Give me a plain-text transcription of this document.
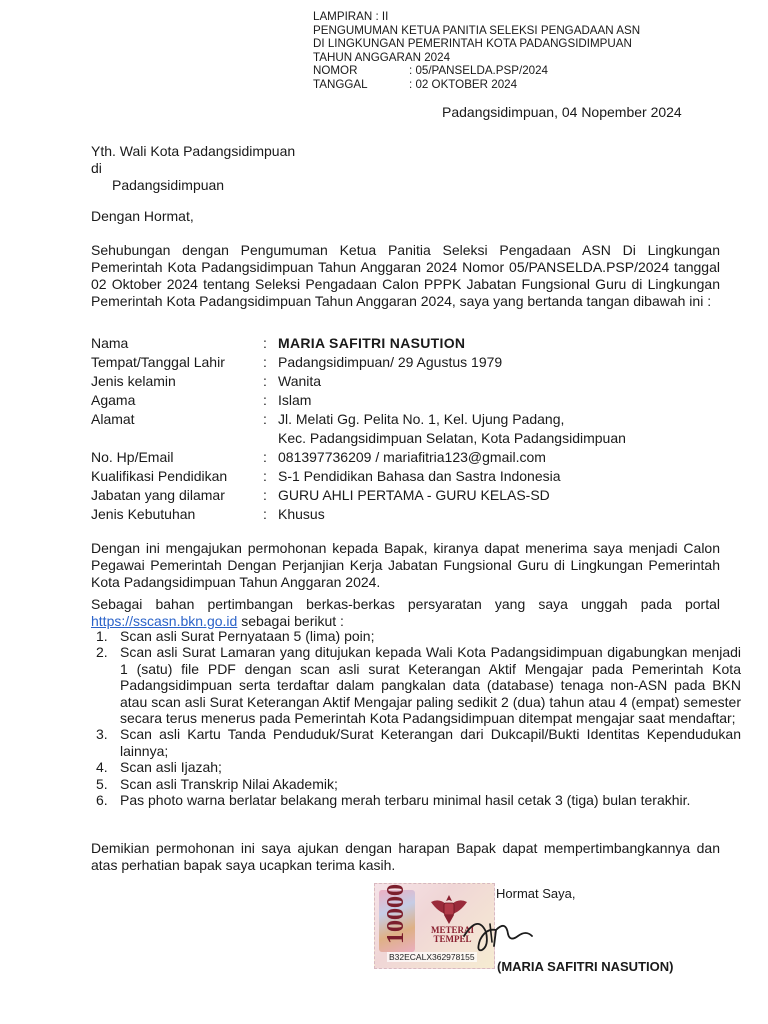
LAMPIRAN : II
PENGUMUMAN KETUA PANITIA SELEKSI PENGADAAN ASN
DI LINGKUNGAN PEMERINTAH KOTA PADANGSIDIMPUAN
TAHUN ANGGARAN 2024
NOMOR	: 05/PANSELDA.PSP/2024
TANGGAL	: 02 OKTOBER 2024
Padangsidimpuan, 04 Nopember 2024
Yth. Wali Kota Padangsidimpuan
di
Padangsidimpuan
Dengan Hormat,
Sehubungan dengan Pengumuman Ketua Panitia Seleksi Pengadaan ASN Di Lingkungan Pemerintah Kota Padangsidimpuan Tahun Anggaran 2024 Nomor 05/PANSELDA.PSP/2024 tanggal 02 Oktober 2024 tentang Seleksi Pengadaan Calon PPPK Jabatan Fungsional Guru di Lingkungan Pemerintah Kota Padangsidimpuan Tahun Anggaran 2024, saya yang bertanda tangan dibawah ini :
Nama	: MARIA SAFITRI NASUTION
Tempat/Tanggal Lahir	: Padangsidimpuan/ 29 Agustus 1979
Jenis kelamin	: Wanita
Agama	: Islam
Alamat	: Jl. Melati Gg. Pelita No. 1, Kel. Ujung Padang,
Kec. Padangsidimpuan Selatan, Kota Padangsidimpuan
No. Hp/Email	: 081397736209 / mariafitria123@gmail.com
Kualifikasi Pendidikan	: S-1 Pendidikan Bahasa dan Sastra Indonesia
Jabatan yang dilamar	: GURU AHLI PERTAMA - GURU KELAS-SD
Jenis Kebutuhan	: Khusus
Dengan ini mengajukan permohonan kepada Bapak, kiranya dapat menerima saya menjadi Calon Pegawai Pemerintah Dengan Perjanjian Kerja Jabatan Fungsional Guru di Lingkungan Pemerintah Kota Padangsidimpuan Tahun Anggaran 2024.
Sebagai bahan pertimbangan berkas-berkas persyaratan yang saya unggah pada portal https://sscasn.bkn.go.id sebagai berikut :
1. Scan asli Surat Pernyataan 5 (lima) poin;
2. Scan asli Surat Lamaran yang ditujukan kepada Wali Kota Padangsidimpuan digabungkan menjadi 1 (satu) file PDF dengan scan asli surat Keterangan Aktif Mengajar pada Pemerintah Kota Padangsidimpuan serta terdaftar dalam pangkalan data (database) tenaga non-ASN pada BKN atau scan asli Surat Keterangan Aktif Mengajar paling sedikit 2 (dua) tahun atau 4 (empat) semester secara terus menerus pada Pemerintah Kota Padangsidimpuan ditempat mengajar saat mendaftar;
3. Scan asli Kartu Tanda Penduduk/Surat Keterangan dari Dukcapil/Bukti Identitas Kependudukan lainnya;
4. Scan asli Ijazah;
5. Scan asli Transkrip Nilai Akademik;
6. Pas photo warna berlatar belakang merah terbaru minimal hasil cetak 3 (tiga) bulan terakhir.
Demikian permohonan ini saya ajukan dengan harapan Bapak dapat mempertimbangkannya dan atas perhatian bapak saya ucapkan terima kasih.
Hormat Saya,
10000 METERAI
TEMPEL
B32ECALX362978155
(MARIA SAFITRI NASUTION)
